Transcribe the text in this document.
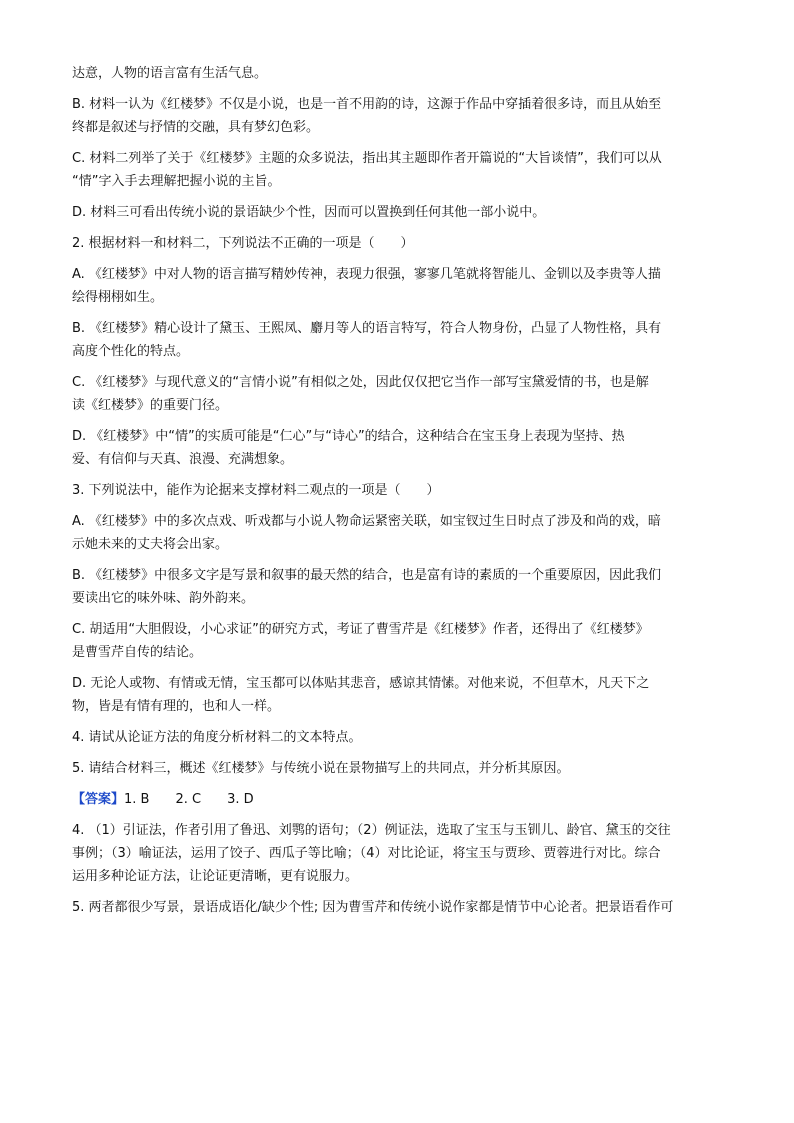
达意，人物的语言富有生活气息。
B. 材料一认为《红楼梦》不仅是小说，也是一首不用韵的诗，这源于作品中穿插着很多诗，而且从始至
终都是叙述与抒情的交融，具有梦幻色彩。
C. 材料二列举了关于《红楼梦》主题的众多说法，指出其主题即作者开篇说的“大旨谈情”，我们可以从
“情”字入手去理解把握小说的主旨。
D. 材料三可看出传统小说的景语缺少个性，因而可以置换到任何其他一部小说中。
2. 根据材料一和材料二，下列说法不正确的一项是（　　）
A. 《红楼梦》中对人物的语言描写精妙传神，表现力很强，寥寥几笔就将智能儿、金钏以及李贵等人描
绘得栩栩如生。
B. 《红楼梦》精心设计了黛玉、王熙凤、麝月等人的语言特写，符合人物身份，凸显了人物性格，具有
高度个性化的特点。
C. 《红楼梦》与现代意义的“言情小说”有相似之处，因此仅仅把它当作一部写宝黛爱情的书，也是解
读《红楼梦》的重要门径。
D. 《红楼梦》中“情”的实质可能是“仁心”与“诗心”的结合，这种结合在宝玉身上表现为坚持、热
爱、有信仰与天真、浪漫、充满想象。
3. 下列说法中，能作为论据来支撑材料二观点的一项是（　　）
A. 《红楼梦》中的多次点戏、听戏都与小说人物命运紧密关联，如宝钗过生日时点了涉及和尚的戏，暗
示她未来的丈夫将会出家。
B. 《红楼梦》中很多文字是写景和叙事的最天然的结合，也是富有诗的素质的一个重要原因，因此我们
要读出它的味外味、韵外韵来。
C. 胡适用“大胆假设，小心求证”的研究方式，考证了曹雪芹是《红楼梦》作者，还得出了《红楼梦》
是曹雪芹自传的结论。
D. 无论人或物、有情或无情，宝玉都可以体贴其悲音，感谅其情愫。对他来说，不但草木，凡天下之
物，皆是有情有理的，也和人一样。
4. 请试从论证方法的角度分析材料二的文本特点。
5. 请结合材料三，概述《红楼梦》与传统小说在景物描写上的共同点，并分析其原因。
【答案】1. B　　2. C　　3. D
4. （1）引证法，作者引用了鲁迅、刘鹗的语句；（2）例证法，选取了宝玉与玉钏儿、龄官、黛玉的交往
事例；（3）喻证法，运用了饺子、西瓜子等比喻；（4）对比论证，将宝玉与贾珍、贾蓉进行对比。综合
运用多种论证方法，让论证更清晰，更有说服力。
5. 两者都很少写景，景语成语化/缺少个性; 因为曹雪芹和传统小说作家都是情节中心论者。把景语看作可
